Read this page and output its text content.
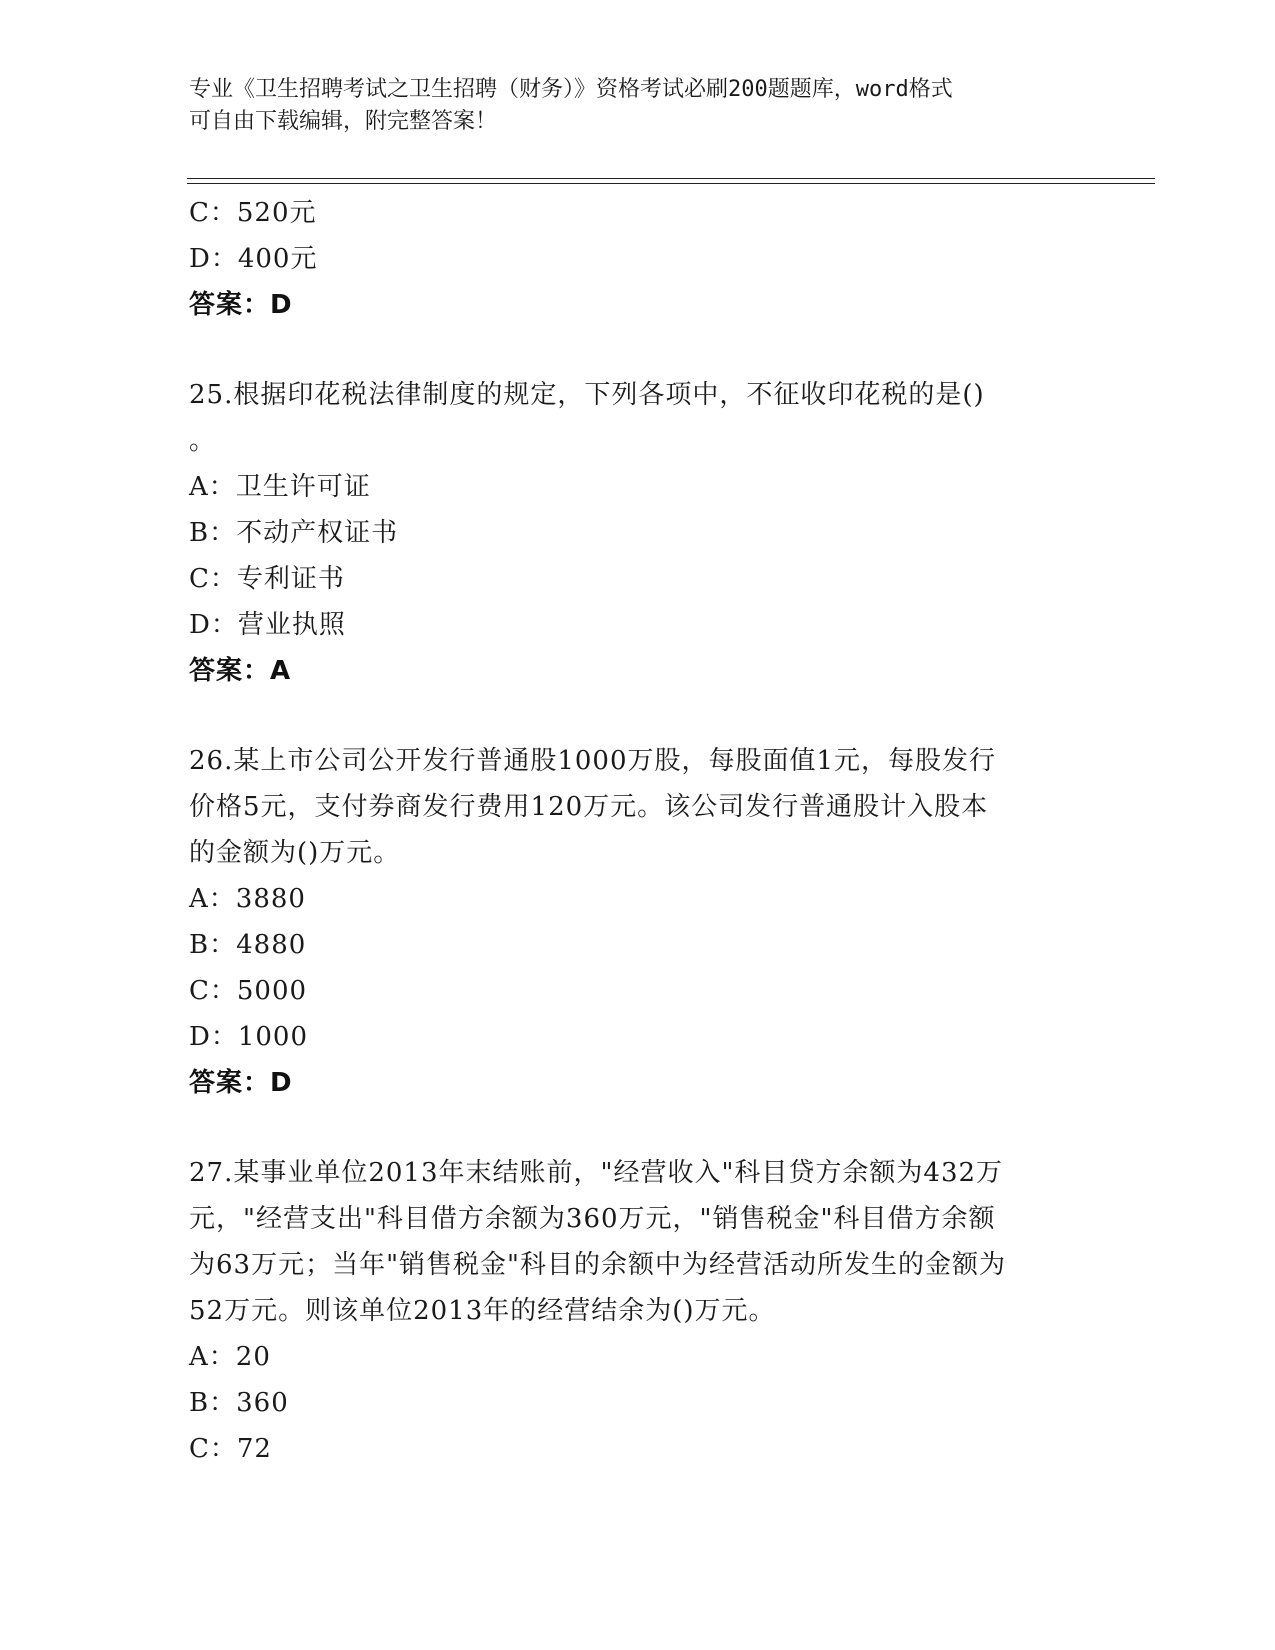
专业《卫生招聘考试之卫生招聘（财务）》资格考试必刷200题题库，word格式
可自由下载编辑，附完整答案！
C：520元
D：400元
答案：D
25.根据印花税法律制度的规定，下列各项中，不征收印花税的是()
。
A：卫生许可证
B：不动产权证书
C：专利证书
D：营业执照
答案：A
26.某上市公司公开发行普通股1000万股，每股面值1元，每股发行
价格5元，支付券商发行费用120万元。该公司发行普通股计入股本
的金额为()万元。
A：3880
B：4880
C：5000
D：1000
答案：D
27.某事业单位2013年末结账前，"经营收入"科目贷方余额为432万
元，"经营支出"科目借方余额为360万元，"销售税金"科目借方余额
为63万元；当年"销售税金"科目的余额中为经营活动所发生的金额为
52万元。则该单位2013年的经营结余为()万元。
A：20
B：360
C：72
